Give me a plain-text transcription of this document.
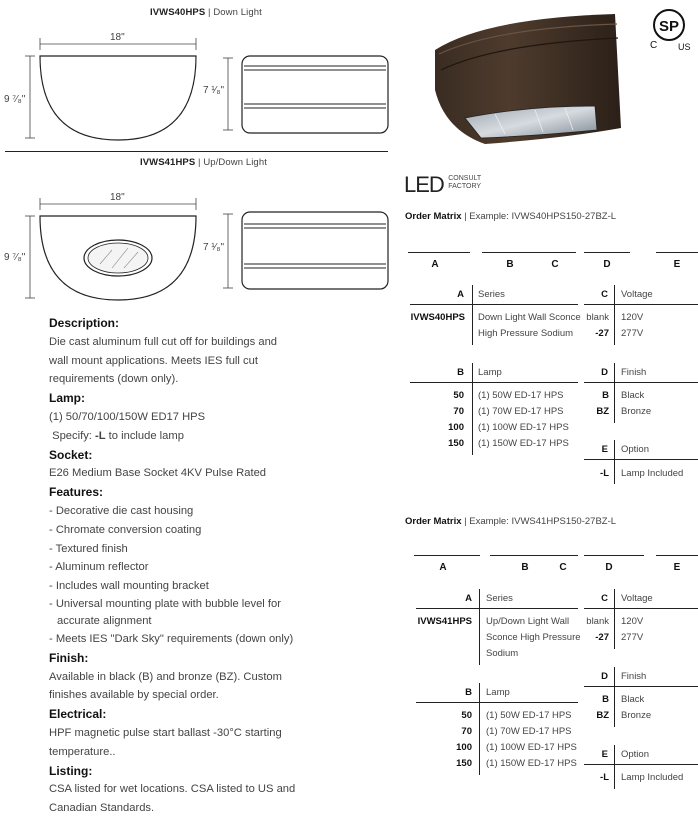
IVWS40HPS | Down Light
18"
9 ⁷⁄₈"
7 ¹⁄₈"
IVWS41HPS | Up/Down Light
18"
9 ⁷⁄₈"
7 ¹⁄₈"
SP
C US
LED CONSULT
FACTORY
Description:
Die cast aluminum full cut off for buildings and
wall mount applications. Meets IES full cut
requirements (down only).
Lamp:
(1) 50/70/100/150W ED17 HPS
Specify: -L to include lamp
Socket:
E26 Medium Base Socket 4KV Pulse Rated
Features:
- Decorative die cast housing
- Chromate conversion coating
- Textured finish
- Aluminum reflector
- Includes wall mounting bracket
- Universal mounting plate with bubble level for
accurate alignment
- Meets IES "Dark Sky" requirements (down only)
Finish:
Available in black (B) and bronze (BZ). Custom
finishes available by special order.
Electrical:
HPF magnetic pulse start ballast -30°C starting
temperature..
Listing:
CSA listed for wet locations. CSA listed to US and
Canadian Standards.
Order Matrix | Example: IVWS40HPS150-27BZ-L
A	B	C	D	E
A Series
IVWS40HPS Down Light Wall Sconce
High Pressure Sodium
C Voltage
blank 120V
-27 277V
B Lamp
50 (1) 50W ED-17 HPS
70 (1) 70W ED-17 HPS
100 (1) 100W ED-17 HPS
150 (1) 150W ED-17 HPS
D Finish
B Black
BZ Bronze
E Option
-L Lamp Included
Order Matrix | Example: IVWS41HPS150-27BZ-L
A	B	C	D	E
A Series
IVWS41HPS Up/Down Light Wall
Sconce High Pressure
Sodium
C Voltage
blank 120V
-27 277V
D Finish
B Black
BZ Bronze
B Lamp
50 (1) 50W ED-17 HPS
70 (1) 70W ED-17 HPS
100 (1) 100W ED-17 HPS
150 (1) 150W ED-17 HPS
E Option
-L Lamp Included
